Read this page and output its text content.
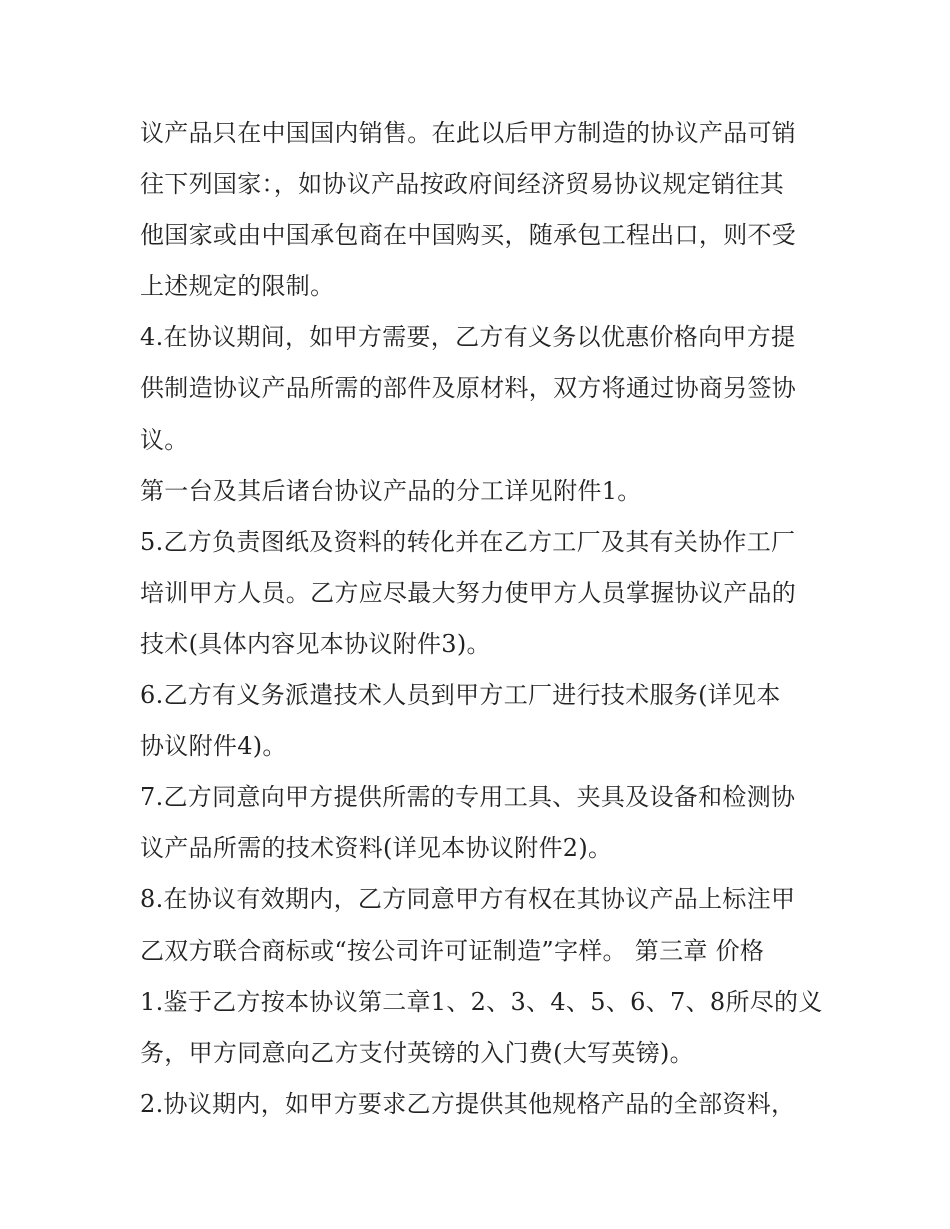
议产品只在中国国内销售。在此以后甲方制造的协议产品可销
往下列国家：，如协议产品按政府间经济贸易协议规定销往其
他国家或由中国承包商在中国购买，随承包工程出口，则不受
上述规定的限制。
4.在协议期间，如甲方需要，乙方有义务以优惠价格向甲方提
供制造协议产品所需的部件及原材料，双方将通过协商另签协
议。
第一台及其后诸台协议产品的分工详见附件1。
5.乙方负责图纸及资料的转化并在乙方工厂及其有关协作工厂
培训甲方人员。乙方应尽最大努力使甲方人员掌握协议产品的
技术(具体内容见本协议附件3)。
6.乙方有义务派遣技术人员到甲方工厂进行技术服务(详见本
协议附件4)。
7.乙方同意向甲方提供所需的专用工具、夹具及设备和检测协
议产品所需的技术资料(详见本协议附件2)。
8.在协议有效期内，乙方同意甲方有权在其协议产品上标注甲
乙双方联合商标或“按公司许可证制造”字样。 第三章 价格
1.鉴于乙方按本协议第二章1、2、3、4、5、6、7、8所尽的义
务，甲方同意向乙方支付英镑的入门费(大写英镑)。
2.协议期内，如甲方要求乙方提供其他规格产品的全部资料，
